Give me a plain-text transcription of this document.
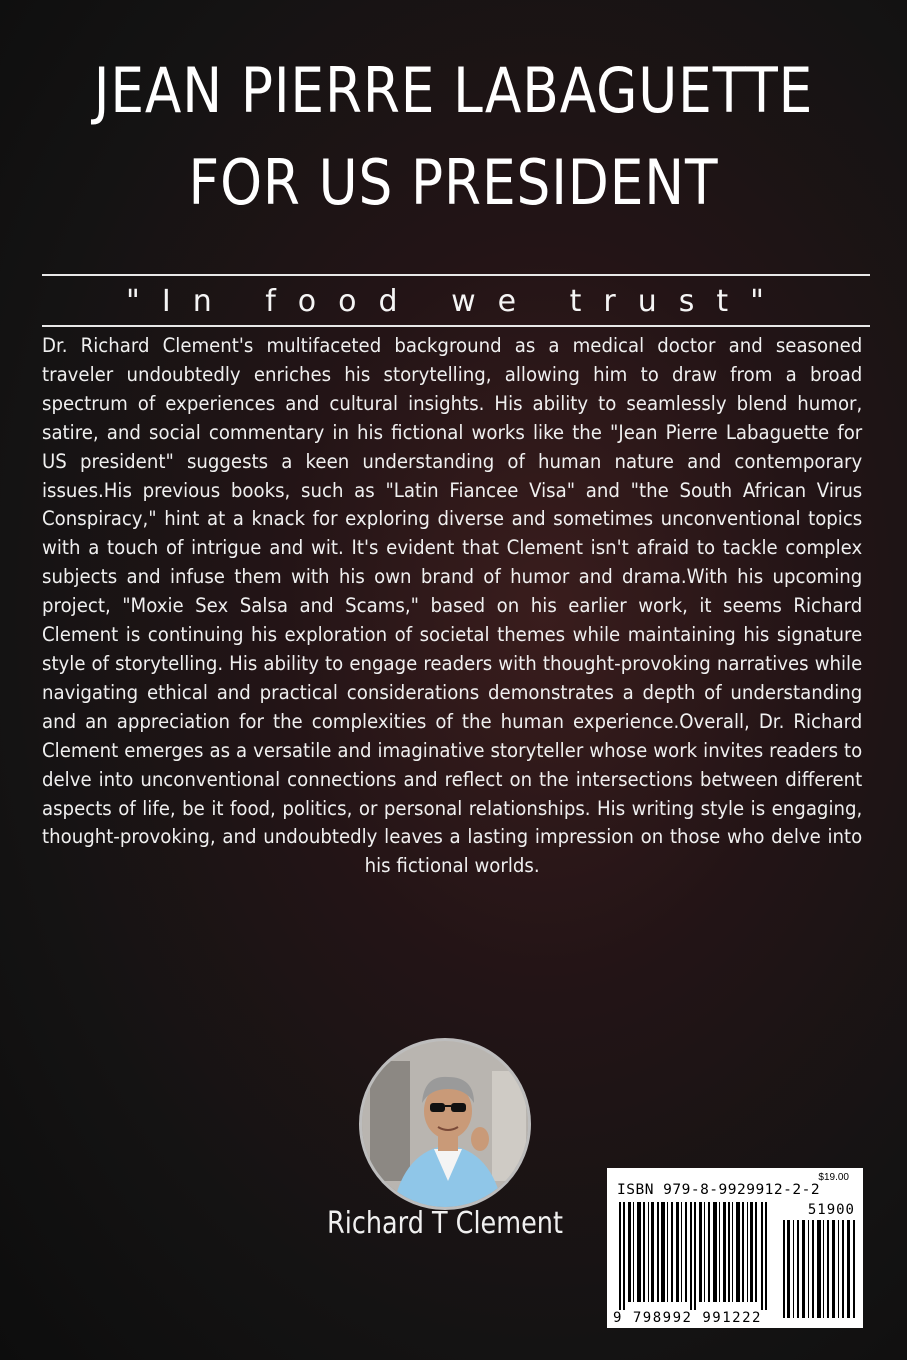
JEAN PIERRE LABAGUETTE
FOR US PRESIDENT
"In food we trust"
Dr. Richard Clement's multifaceted background as a medical doctor and seasoned traveler undoubtedly enriches his storytelling, allowing him to draw from a broad spectrum of experiences and cultural insights. His ability to seamlessly blend humor, satire, and social commentary in his fictional works like the "Jean Pierre Labaguette for US president" suggests a keen understanding of human nature and contemporary issues.His previous books, such as "Latin Fiancee Visa" and "the South African Virus Conspiracy," hint at a knack for exploring diverse and sometimes unconventional topics with a touch of intrigue and wit. It's evident that Clement isn't afraid to tackle complex subjects and infuse them with his own brand of humor and drama.With his upcoming project, "Moxie Sex Salsa and Scams," based on his earlier work, it seems Richard Clement is continuing his exploration of societal themes while maintaining his signature style of storytelling. His ability to engage readers with thought-provoking narratives while navigating ethical and practical considerations demonstrates a depth of understanding and an appreciation for the complexities of the human experience.Overall, Dr. Richard Clement emerges as a versatile and imaginative storyteller whose work invites readers to delve into unconventional connections and reflect on the intersections between different aspects of life, be it food, politics, or personal relationships. His writing style is engaging, thought-provoking, and undoubtedly leaves a lasting impression on those who delve into his fictional worlds.
Richard T Clement
$19.00
ISBN 979-8-9929912-2-2
51900
9 798992 991222
